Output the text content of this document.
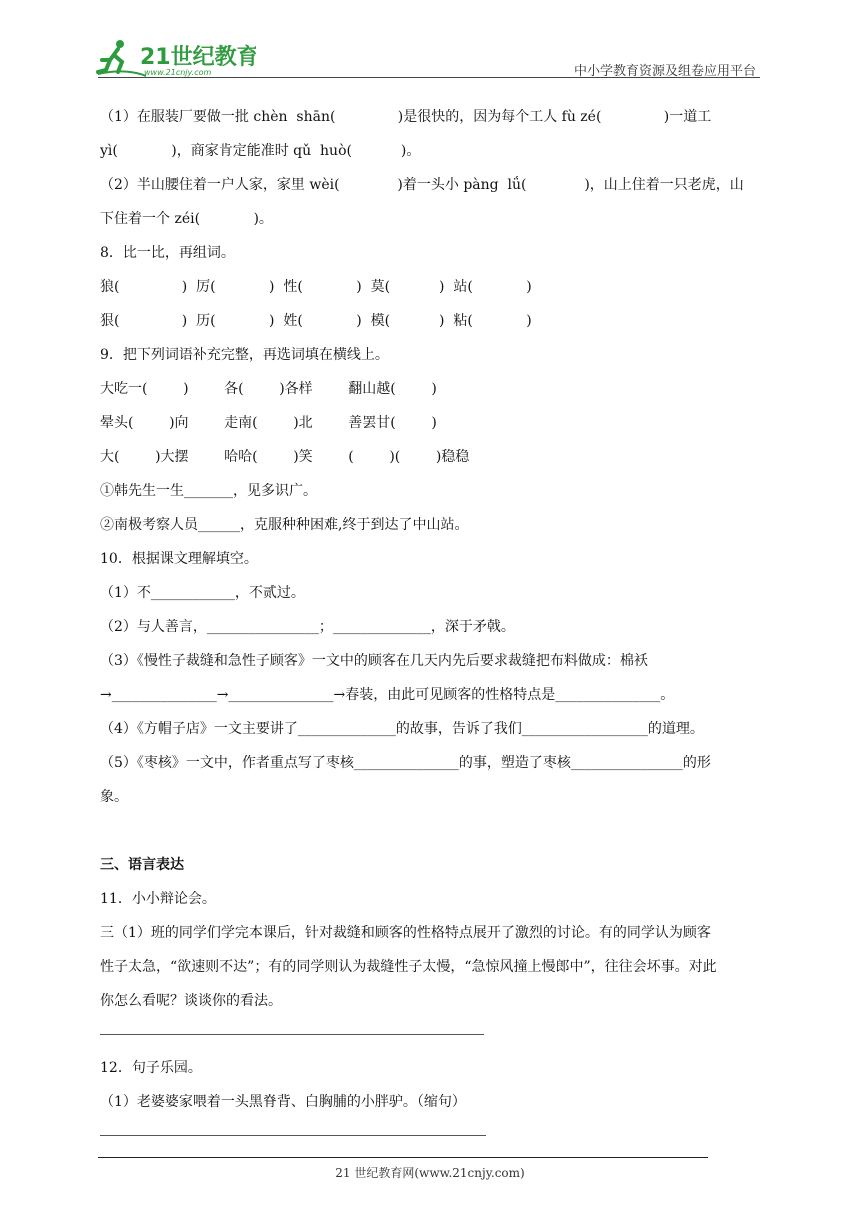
21世纪教育
www.21cnjy.com	中小学教育资源及组卷应用平台
（1）在服装厂要做一批 chèn  shān(              )是很快的，因为每个工人 fù zé(              )一道工
yì(            )，商家肯定能准时 qǔ  huò(           )。
（2）半山腰住着一户人家，家里 wèi(             )着一头小 pàng  lǘ(             )，山上住着一只老虎，山
下住着一个 zéi(            )。
8．比一比，再组词。
狼(              )  厉(            )  性(            )  莫(           )  站(            )
狠(              )  历(            )  姓(            )  模(           )  粘(            )
9．把下列词语补充完整，再选词填在横线上。
大吃一(        )        各(        )各样        翻山越(        )
晕头(        )向        走南(        )北        善罢甘(        )
大(        )大摆        哈哈(        )笑        (        )(        )稳稳
①韩先生一生_______，见多识广。
②南极考察人员______，克服种种困难,终于到达了中山站。
10．根据课文理解填空。
（1）不____________，不贰过。
（2）与人善言，________________；______________，深于矛戟。
（3）《慢性子裁缝和急性子顾客》一文中的顾客在几天内先后要求裁缝把布料做成：棉袄
→_______________→_______________→春装，由此可见顾客的性格特点是_______________。
（4）《方帽子店》一文主要讲了______________的故事，告诉了我们__________________的道理。
（5）《枣核》一文中，作者重点写了枣核_______________的事，塑造了枣核________________的形
象。
三、语言表达
11．小小辩论会。
三（1）班的同学们学完本课后，针对裁缝和顾客的性格特点展开了激烈的讨论。有的同学认为顾客
性子太急，“欲速则不达”；有的同学则认为裁缝性子太慢，“急惊风撞上慢郎中”，往往会坏事。对此
你怎么看呢？谈谈你的看法。
12．句子乐园。
（1）老婆婆家喂着一头黑脊背、白胸脯的小胖驴。（缩句）
21 世纪教育网(www.21cnjy.com)
